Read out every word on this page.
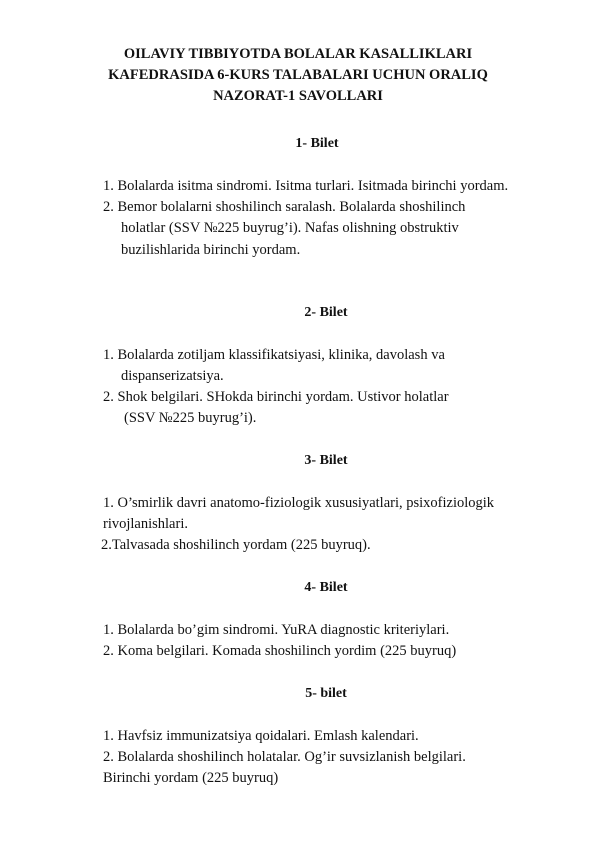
OILAVIY TIBBIYOTDA BOLALAR KASALLIKLARI
KAFEDRASIDA 6-KURS TALABALARI UCHUN ORALIQ
NAZORAT-1 SAVOLLARI
1- Bilet
1. Bolalarda isitma sindromi. Isitma turlari. Isitmada birinchi yordam.
2. Bemor bolalarni shoshilinch saralash. Bolalarda shoshilinch
holatlar (SSV №225 buyrug’i). Nafas olishning obstruktiv
buzilishlarida birinchi yordam.
2- Bilet
1. Bolalarda zotiljam klassifikatsiyasi, klinika, davolash va
dispanserizatsiya.
2. Shok belgilari. SHokda birinchi yordam. Ustivor holatlar
(SSV №225 buyrug’i).
3- Bilet
1. O’smirlik davri anatomo-fiziologik xususiyatlari, psixofiziologik
rivojlanishlari.
2.Talvasada shoshilinch yordam (225 buyruq).
4- Bilet
1. Bolalarda bo’gim sindromi. YuRA diagnostic kriteriylari.
2. Koma belgilari. Komada shoshilinch yordim (225 buyruq)
5- bilet
1. Havfsiz immunizatsiya qoidalari. Emlash kalendari.
2. Bolalarda shoshilinch holatalar. Og’ir suvsizlanish belgilari.
Birinchi yordam (225 buyruq)
